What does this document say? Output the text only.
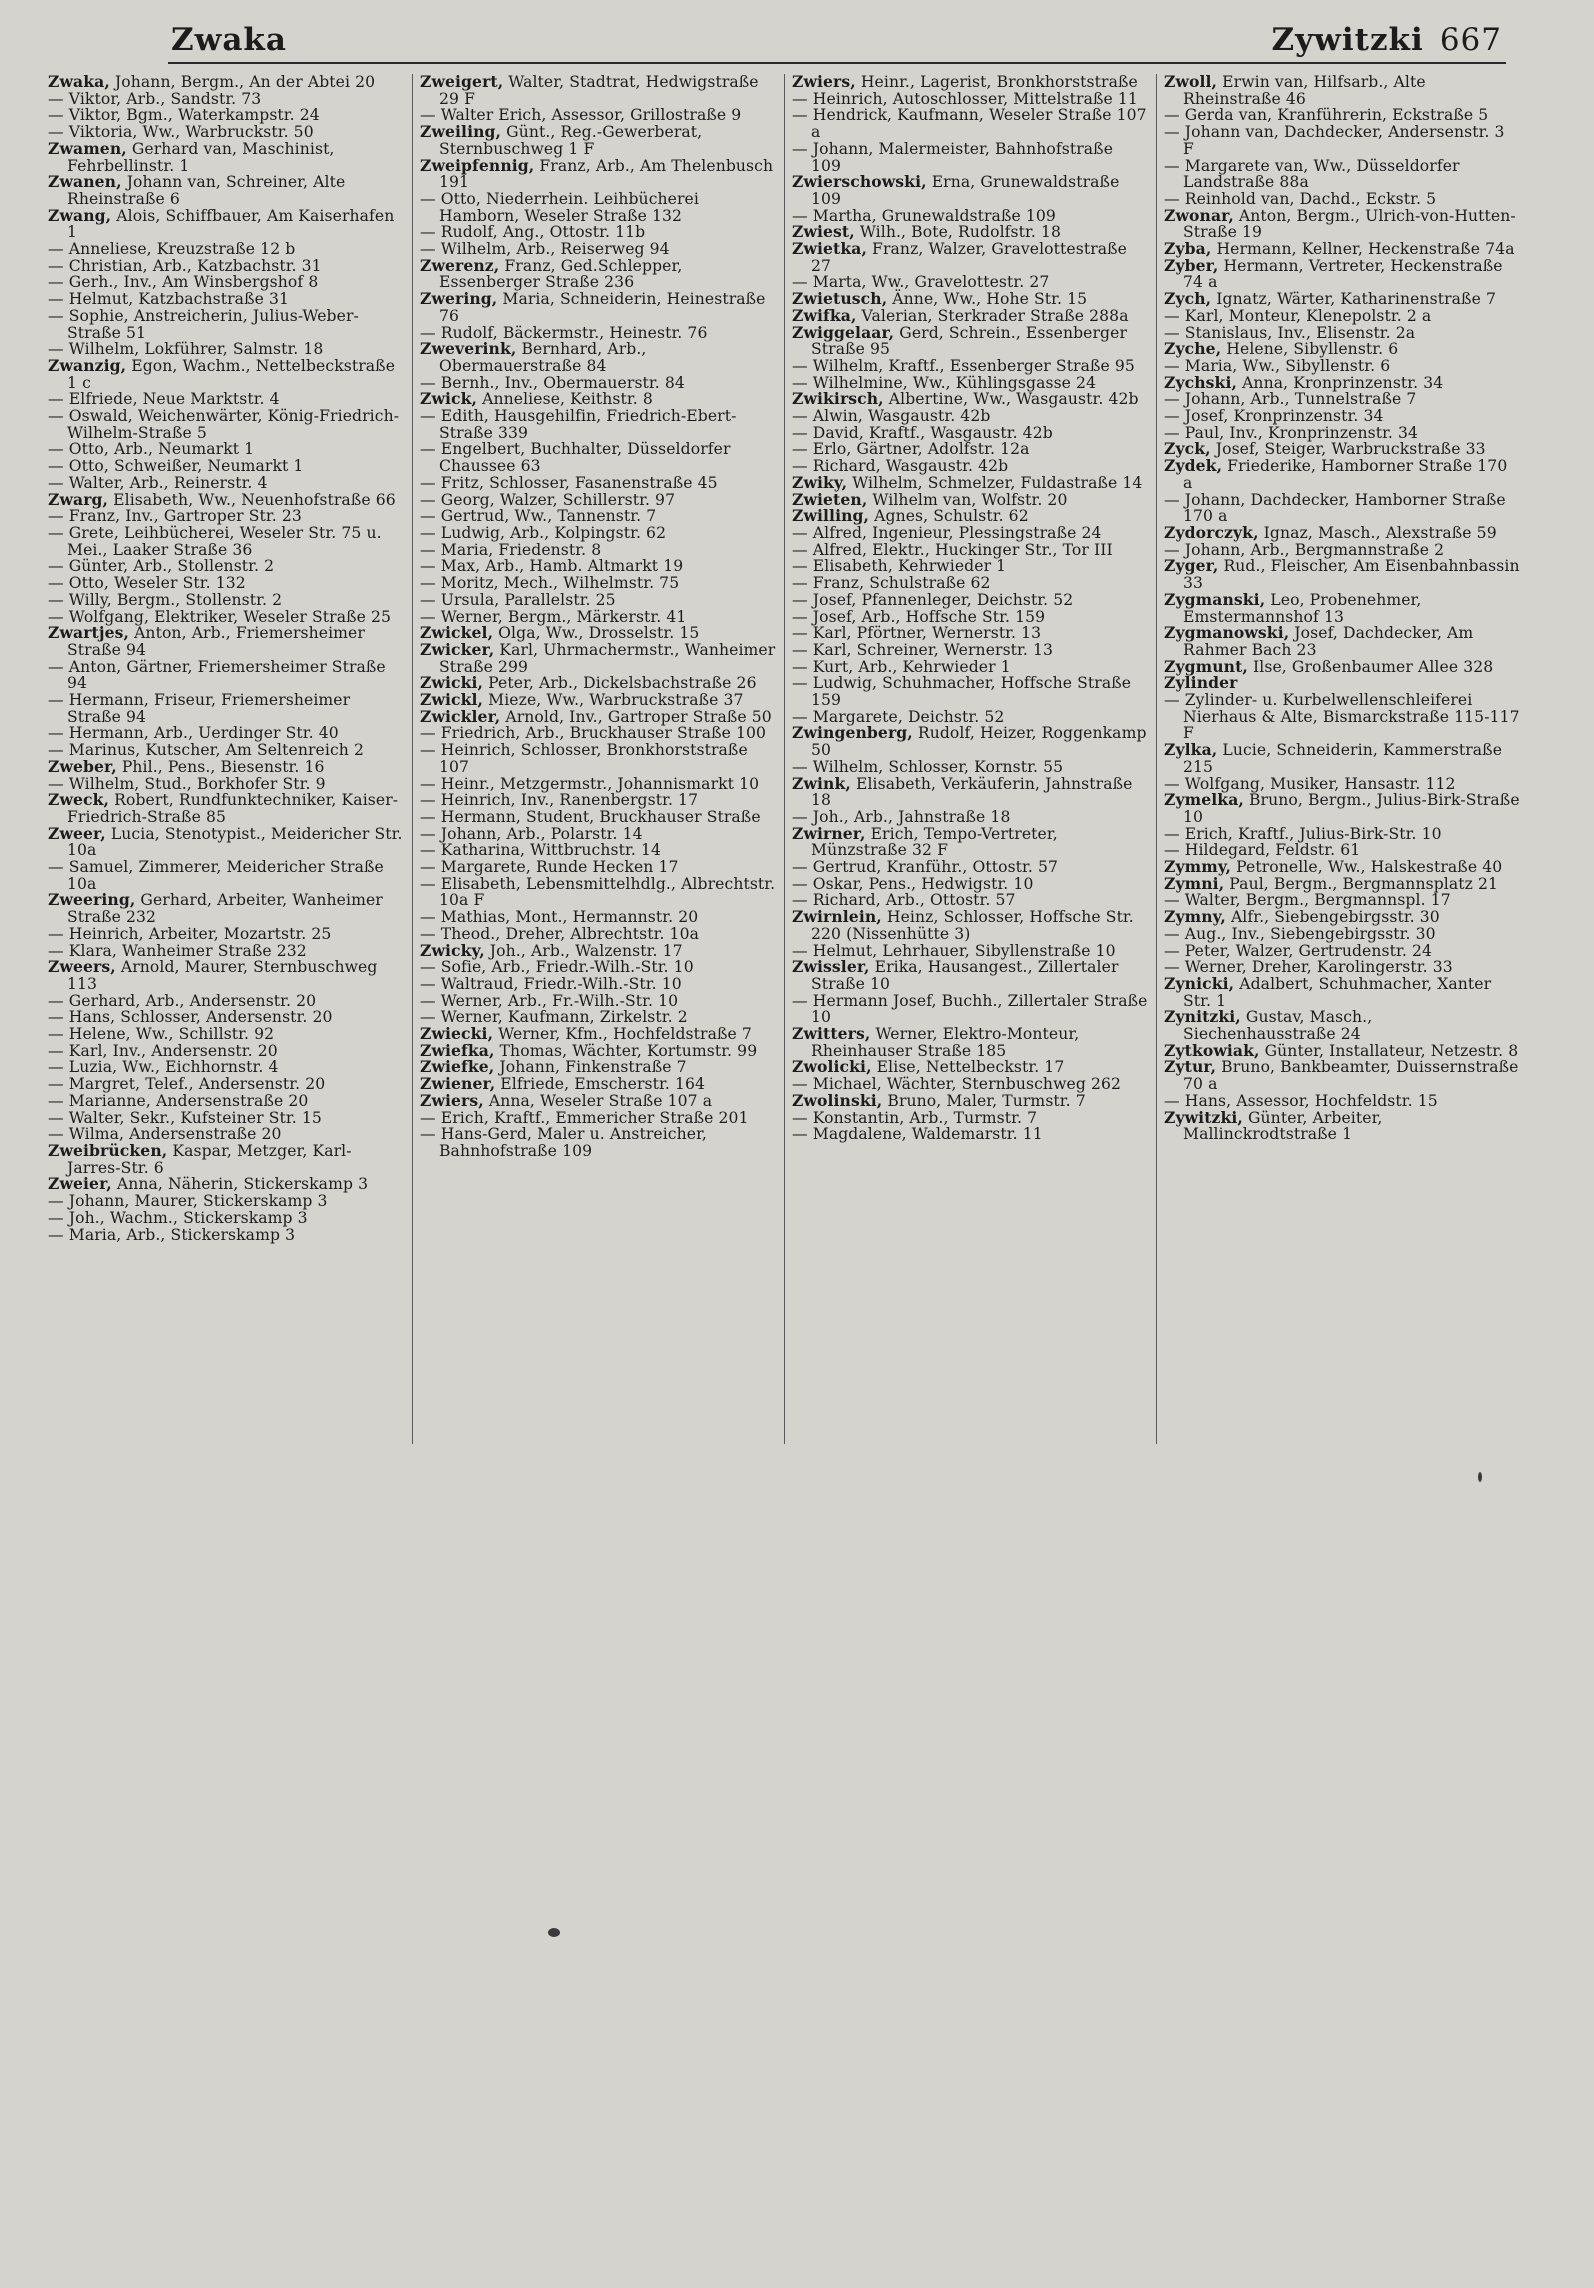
Zwaka	Zywitzki 667

Zwaka, Johann, Bergm., An der Abtei 20

— Viktor, Arb., Sandstr. 73

— Viktor, Bgm., Waterkampstr. 24

— Viktoria, Ww., Warbruckstr. 50

Zwamen, Gerhard van, Maschinist, Fehrbellinstr. 1

Zwanen, Johann van, Schreiner, Alte Rheinstraße 6

Zwang, Alois, Schiffbauer, Am Kaiserhafen 1

— Anneliese, Kreuzstraße 12 b

— Christian, Arb., Katzbachstr. 31

— Gerh., Inv., Am Winsbergshof 8

— Helmut, Katzbachstraße 31

— Sophie, Anstreicherin, Julius-Weber-Straße 51

— Wilhelm, Lokführer, Salmstr. 18

Zwanzig, Egon, Wachm., Nettelbeckstraße 1 c

— Elfriede, Neue Marktstr. 4

— Oswald, Weichenwärter, König-Friedrich-Wilhelm-Straße 5

— Otto, Arb., Neumarkt 1

— Otto, Schweißer, Neumarkt 1

— Walter, Arb., Reinerstr. 4

Zwarg, Elisabeth, Ww., Neuenhofstraße 66

— Franz, Inv., Gartroper Str. 23

— Grete, Leihbücherei, Weseler Str. 75 u. Mei., Laaker Straße 36

— Günter, Arb., Stollenstr. 2

— Otto, Weseler Str. 132

— Willy, Bergm., Stollenstr. 2

— Wolfgang, Elektriker, Weseler Straße 25

Zwartjes, Anton, Arb., Friemersheimer Straße 94

— Anton, Gärtner, Friemersheimer Straße 94

— Hermann, Friseur, Friemersheimer Straße 94

— Hermann, Arb., Uerdinger Str. 40

— Marinus, Kutscher, Am Seltenreich 2

Zweber, Phil., Pens., Biesenstr. 16

— Wilhelm, Stud., Borkhofer Str. 9

Zweck, Robert, Rundfunktechniker, Kaiser-Friedrich-Straße 85

Zweer, Lucia, Stenotypist., Meidericher Str. 10a

— Samuel, Zimmerer, Meidericher Straße 10a

Zweering, Gerhard, Arbeiter, Wanheimer Straße 232

— Heinrich, Arbeiter, Mozartstr. 25

— Klara, Wanheimer Straße 232

Zweers, Arnold, Maurer, Sternbuschweg 113

— Gerhard, Arb., Andersenstr. 20

— Hans, Schlosser, Andersenstr. 20

— Helene, Ww., Schillstr. 92

— Karl, Inv., Andersenstr. 20

— Luzia, Ww., Eichhornstr. 4

— Margret, Telef., Andersenstr. 20

— Marianne, Andersenstraße 20

— Walter, Sekr., Kufsteiner Str. 15

— Wilma, Andersenstraße 20

Zweibrücken, Kaspar, Metzger, Karl-Jarres-Str. 6

Zweier, Anna, Näherin, Stickerskamp 3

— Johann, Maurer, Stickerskamp 3

— Joh., Wachm., Stickerskamp 3

— Maria, Arb., Stickerskamp 3

Zweigert, Walter, Stadtrat, Hedwigstraße 29 F

— Walter Erich, Assessor, Grillostraße 9

Zweiling, Günt., Reg.-Gewerberat, Sternbuschweg 1 F

Zweipfennig, Franz, Arb., Am Thelenbusch 191

— Otto, Niederrhein. Leihbücherei Hamborn, Weseler Straße 132

— Rudolf, Ang., Ottostr. 11b

— Wilhelm, Arb., Reiserweg 94

Zwerenz, Franz, Ged.Schlepper, Essenberger Straße 236

Zwering, Maria, Schneiderin, Heinestraße 76

— Rudolf, Bäckermstr., Heinestr. 76

Zweverink, Bernhard, Arb., Obermauerstraße 84

— Bernh., Inv., Obermauerstr. 84

Zwick, Anneliese, Keithstr. 8

— Edith, Hausgehilfin, Friedrich-Ebert-Straße 339

— Engelbert, Buchhalter, Düsseldorfer Chaussee 63

— Fritz, Schlosser, Fasanenstraße 45

— Georg, Walzer, Schillerstr. 97

— Gertrud, Ww., Tannenstr. 7

— Ludwig, Arb., Kolpingstr. 62

— Maria, Friedenstr. 8

— Max, Arb., Hamb. Altmarkt 19

— Moritz, Mech., Wilhelmstr. 75

— Ursula, Parallelstr. 25

— Werner, Bergm., Märkerstr. 41

Zwickel, Olga, Ww., Drosselstr. 15

Zwicker, Karl, Uhrmachermstr., Wanheimer Straße 299

Zwicki, Peter, Arb., Dickelsbachstraße 26

Zwickl, Mieze, Ww., Warbruckstraße 37

Zwickler, Arnold, Inv., Gartroper Straße 50

— Friedrich, Arb., Bruckhauser Straße 100

— Heinrich, Schlosser, Bronkhorststraße 107

— Heinr., Metzgermstr., Johannismarkt 10

— Heinrich, Inv., Ranenbergstr. 17

— Hermann, Student, Bruckhauser Straße

— Johann, Arb., Polarstr. 14

— Katharina, Wittbruchstr. 14

— Margarete, Runde Hecken 17

— Elisabeth, Lebensmittelhdlg., Albrechtstr. 10a F

— Mathias, Mont., Hermannstr. 20

— Theod., Dreher, Albrechtstr. 10a

Zwicky, Joh., Arb., Walzenstr. 17

— Sofie, Arb., Friedr.-Wilh.-Str. 10

— Waltraud, Friedr.-Wilh.-Str. 10

— Werner, Arb., Fr.-Wilh.-Str. 10

— Werner, Kaufmann, Zirkelstr. 2

Zwiecki, Werner, Kfm., Hochfeldstraße 7

Zwiefka, Thomas, Wächter, Kortumstr. 99

Zwiefke, Johann, Finkenstraße 7

Zwiener, Elfriede, Emscherstr. 164

Zwiers, Anna, Weseler Straße 107 a

— Erich, Kraftf., Emmericher Straße 201

— Hans-Gerd, Maler u. Anstreicher, Bahnhofstraße 109

Zwiers, Heinr., Lagerist, Bronkhorststraße

— Heinrich, Autoschlosser, Mittelstraße 11

— Hendrick, Kaufmann, Weseler Straße 107 a

— Johann, Malermeister, Bahnhofstraße 109

Zwierschowski, Erna, Grunewaldstraße 109

— Martha, Grunewaldstraße 109

Zwiest, Wilh., Bote, Rudolfstr. 18

Zwietka, Franz, Walzer, Gravelottestraße 27

— Marta, Ww., Gravelottestr. 27

Zwietusch, Änne, Ww., Hohe Str. 15

Zwifka, Valerian, Sterkrader Straße 288a

Zwiggelaar, Gerd, Schrein., Essenberger Straße 95

— Wilhelm, Kraftf., Essenberger Straße 95

— Wilhelmine, Ww., Kühlingsgasse 24

Zwikirsch, Albertine, Ww., Wasgaustr. 42b

— Alwin, Wasgaustr. 42b

— David, Kraftf., Wasgaustr. 42b

— Erlo, Gärtner, Adolfstr. 12a

— Richard, Wasgaustr. 42b

Zwiky, Wilhelm, Schmelzer, Fuldastraße 14

Zwieten, Wilhelm van, Wolfstr. 20

Zwilling, Agnes, Schulstr. 62

— Alfred, Ingenieur, Plessingstraße 24

— Alfred, Elektr., Huckinger Str., Tor III

— Elisabeth, Kehrwieder 1

— Franz, Schulstraße 62

— Josef, Pfannenleger, Deichstr. 52

— Josef, Arb., Hoffsche Str. 159

— Karl, Pförtner, Wernerstr. 13

— Karl, Schreiner, Wernerstr. 13

— Kurt, Arb., Kehrwieder 1

— Ludwig, Schuhmacher, Hoffsche Straße 159

— Margarete, Deichstr. 52

Zwingenberg, Rudolf, Heizer, Roggenkamp 50

— Wilhelm, Schlosser, Kornstr. 55

Zwink, Elisabeth, Verkäuferin, Jahnstraße 18

— Joh., Arb., Jahnstraße 18

Zwirner, Erich, Tempo-Vertreter, Münzstraße 32 F

— Gertrud, Kranführ., Ottostr. 57

— Oskar, Pens., Hedwigstr. 10

— Richard, Arb., Ottostr. 57

Zwirnlein, Heinz, Schlosser, Hoffsche Str. 220 (Nissenhütte 3)

— Helmut, Lehrhauer, Sibyllenstraße 10

Zwissler, Erika, Hausangest., Zillertaler Straße 10

— Hermann Josef, Buchh., Zillertaler Straße 10

Zwitters, Werner, Elektro-Monteur, Rheinhauser Straße 185

Zwolicki, Elise, Nettelbeckstr. 17

— Michael, Wächter, Sternbuschweg 262

Zwolinski, Bruno, Maler, Turmstr. 7

— Konstantin, Arb., Turmstr. 7

— Magdalene, Waldemarstr. 11

Zwoll, Erwin van, Hilfsarb., Alte Rheinstraße 46

— Gerda van, Kranführerin, Eckstraße 5

— Johann van, Dachdecker, Andersenstr. 3 F

— Margarete van, Ww., Düsseldorfer Landstraße 88a

— Reinhold van, Dachd., Eckstr. 5

Zwonar, Anton, Bergm., Ulrich-von-Hutten-Straße 19

Zyba, Hermann, Kellner, Heckenstraße 74a

Zyber, Hermann, Vertreter, Heckenstraße 74 a

Zych, Ignatz, Wärter, Katharinenstraße 7

— Karl, Monteur, Klenepolstr. 2 a

— Stanislaus, Inv., Elisenstr. 2a

Zyche, Helene, Sibyllenstr. 6

— Maria, Ww., Sibyllenstr. 6

Zychski, Anna, Kronprinzenstr. 34

— Johann, Arb., Tunnelstraße 7

— Josef, Kronprinzenstr. 34

— Paul, Inv., Kronprinzenstr. 34

Zyck, Josef, Steiger, Warbruckstraße 33

Zydek, Friederike, Hamborner Straße 170 a

— Johann, Dachdecker, Hamborner Straße 170 a

Zydorczyk, Ignaz, Masch., Alexstraße 59

— Johann, Arb., Bergmannstraße 2

Zyger, Rud., Fleischer, Am Eisenbahnbassin 33

Zygmanski, Leo, Probenehmer, Emstermannshof 13

Zygmanowski, Josef, Dachdecker, Am Rahmer Bach 23

Zygmunt, Ilse, Großenbaumer Allee 328

Zylinder

— Zylinder- u. Kurbelwellenschleiferei Nierhaus & Alte, Bismarckstraße 115-117 F

Zylka, Lucie, Schneiderin, Kammerstraße 215

— Wolfgang, Musiker, Hansastr. 112

Zymelka, Bruno, Bergm., Julius-Birk-Straße 10

— Erich, Kraftf., Julius-Birk-Str. 10

— Hildegard, Feldstr. 61

Zymmy, Petronelle, Ww., Halskestraße 40

Zymni, Paul, Bergm., Bergmannsplatz 21

— Walter, Bergm., Bergmannspl. 17

Zymny, Alfr., Siebengebirgsstr. 30

— Aug., Inv., Siebengebirgsstr. 30

— Peter, Walzer, Gertrudenstr. 24

— Werner, Dreher, Karolingerstr. 33

Zynicki, Adalbert, Schuhmacher, Xanter Str. 1

Zynitzki, Gustav, Masch., Siechenhausstraße 24

Zytkowiak, Günter, Installateur, Netzestr. 8

Zytur, Bruno, Bankbeamter, Duissernstraße 70 a

— Hans, Assessor, Hochfeldstr. 15

Zywitzki, Günter, Arbeiter, Mallinckrodtstraße 1
